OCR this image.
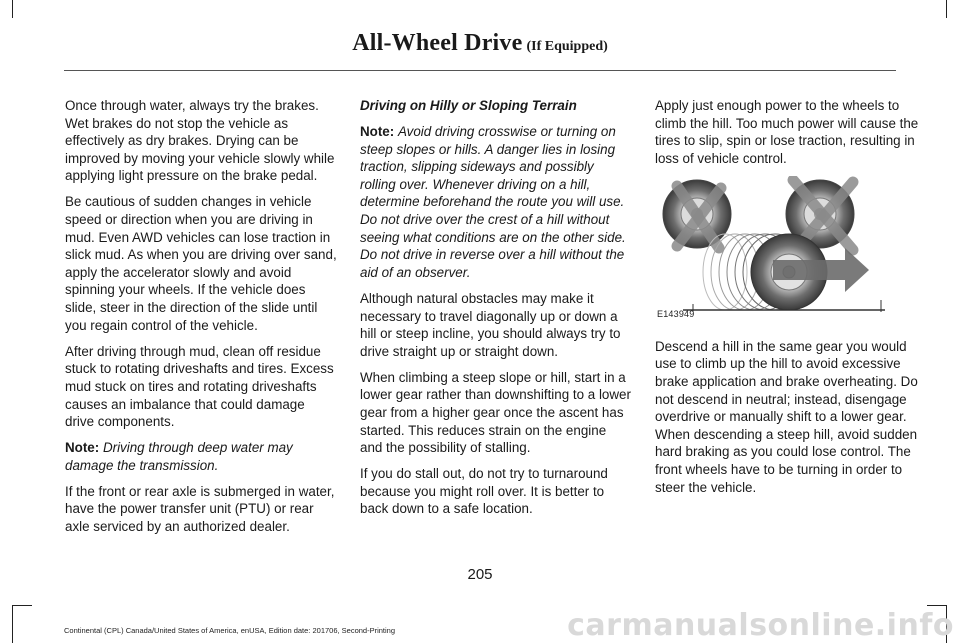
All-Wheel Drive (If Equipped)

Once through water, always try the brakes. Wet brakes do not stop the vehicle as effectively as dry brakes. Drying can be improved by moving your vehicle slowly while applying light pressure on the brake pedal.

Be cautious of sudden changes in vehicle speed or direction when you are driving in mud. Even AWD vehicles can lose traction in slick mud. As when you are driving over sand, apply the accelerator slowly and avoid spinning your wheels. If the vehicle does slide, steer in the direction of the slide until you regain control of the vehicle.

After driving through mud, clean off residue stuck to rotating driveshafts and tires. Excess mud stuck on tires and rotating driveshafts causes an imbalance that could damage drive components.

Note: Driving through deep water may damage the transmission.

If the front or rear axle is submerged in water, have the power transfer unit (PTU) or rear axle serviced by an authorized dealer.

Driving on Hilly or Sloping Terrain

Note: Avoid driving crosswise or turning on steep slopes or hills. A danger lies in losing traction, slipping sideways and possibly rolling over. Whenever driving on a hill, determine beforehand the route you will use. Do not drive over the crest of a hill without seeing what conditions are on the other side. Do not drive in reverse over a hill without the aid of an observer.

Although natural obstacles may make it necessary to travel diagonally up or down a hill or steep incline, you should always try to drive straight up or straight down.

When climbing a steep slope or hill, start in a lower gear rather than downshifting to a lower gear from a higher gear once the ascent has started. This reduces strain on the engine and the possibility of stalling.

If you do stall out, do not try to turnaround because you might roll over. It is better to back down to a safe location.

Apply just enough power to the wheels to climb the hill. Too much power will cause the tires to slip, spin or lose traction, resulting in loss of vehicle control.

E143949

Descend a hill in the same gear you would use to climb up the hill to avoid excessive brake application and brake overheating. Do not descend in neutral; instead, disengage overdrive or manually shift to a lower gear. When descending a steep hill, avoid sudden hard braking as you could lose control. The front wheels have to be turning in order to steer the vehicle.

205
Continental (CPL) Canada/United States of America, enUSA, Edition date: 201706, Second-Printing	carmanualsonline.info
